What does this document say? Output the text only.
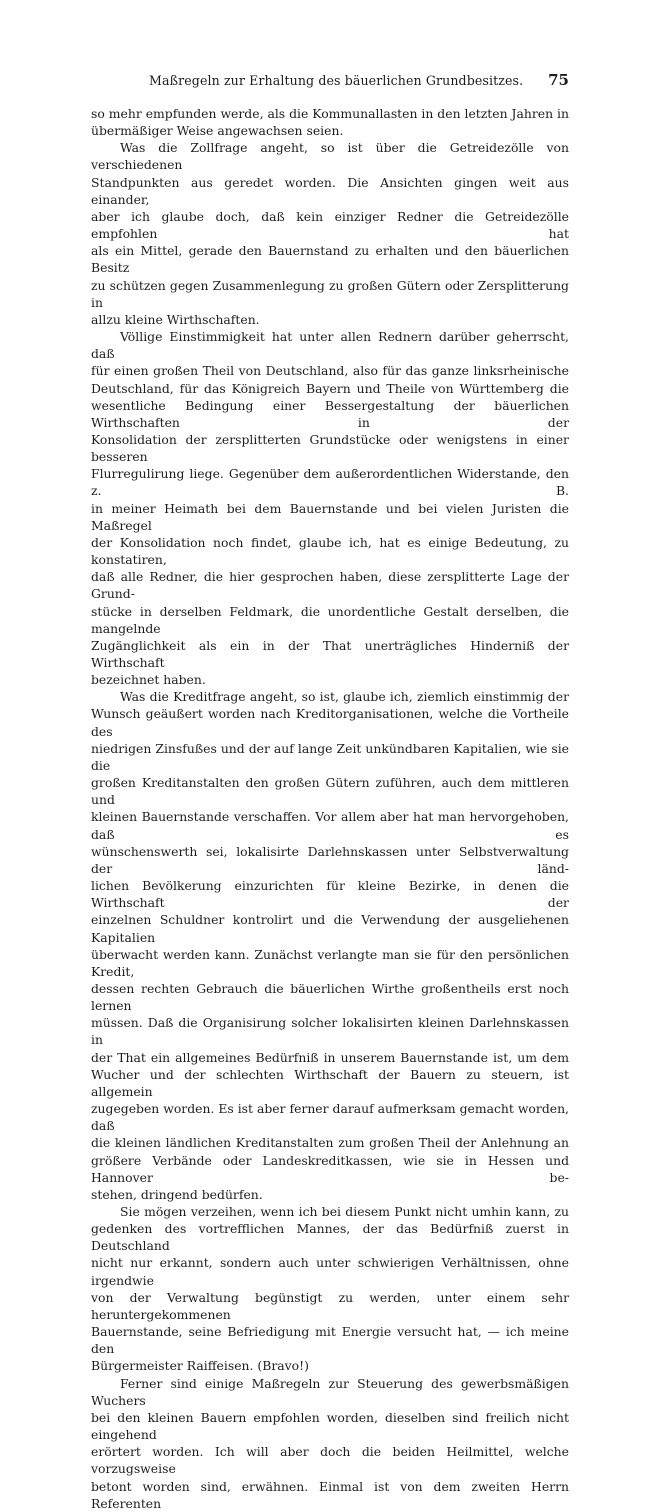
Maßregeln zur Erhaltung des bäuerlichen Grundbesitzes. 75
so mehr empfunden werde, als die Kommunallasten in den letzten Jahren in
übermäßiger Weise angewachsen seien.
Was die Zollfrage angeht, so ist über die Getreidezölle von verschiedenen
Standpunkten aus geredet worden. Die Ansichten gingen weit aus einander,
aber ich glaube doch, daß kein einziger Redner die Getreidezölle empfohlen hat
als ein Mittel, gerade den Bauernstand zu erhalten und den bäuerlichen Besitz
zu schützen gegen Zusammenlegung zu großen Gütern oder Zersplitterung in
allzu kleine Wirthschaften.
Völlige Einstimmigkeit hat unter allen Rednern darüber geherrscht, daß
für einen großen Theil von Deutschland, also für das ganze linksrheinische
Deutschland, für das Königreich Bayern und Theile von Württemberg die
wesentliche Bedingung einer Bessergestaltung der bäuerlichen Wirthschaften in der
Konsolidation der zersplitterten Grundstücke oder wenigstens in einer besseren
Flurregulirung liege. Gegenüber dem außerordentlichen Widerstande, den z. B.
in meiner Heimath bei dem Bauernstande und bei vielen Juristen die Maßregel
der Konsolidation noch findet, glaube ich, hat es einige Bedeutung, zu konstatiren,
daß alle Redner, die hier gesprochen haben, diese zersplitterte Lage der Grund-
stücke in derselben Feldmark, die unordentliche Gestalt derselben, die mangelnde
Zugänglichkeit als ein in der That unerträgliches Hinderniß der Wirthschaft
bezeichnet haben.
Was die Kreditfrage angeht, so ist, glaube ich, ziemlich einstimmig der
Wunsch geäußert worden nach Kreditorganisationen, welche die Vortheile des
niedrigen Zinsfußes und der auf lange Zeit unkündbaren Kapitalien, wie sie die
großen Kreditanstalten den großen Gütern zuführen, auch dem mittleren und
kleinen Bauernstande verschaffen. Vor allem aber hat man hervorgehoben, daß es
wünschenswerth sei, lokalisirte Darlehnskassen unter Selbstverwaltung der länd-
lichen Bevölkerung einzurichten für kleine Bezirke, in denen die Wirthschaft der
einzelnen Schuldner kontrolirt und die Verwendung der ausgeliehenen Kapitalien
überwacht werden kann. Zunächst verlangte man sie für den persönlichen Kredit,
dessen rechten Gebrauch die bäuerlichen Wirthe großentheils erst noch lernen
müssen. Daß die Organisirung solcher lokalisirten kleinen Darlehnskassen in
der That ein allgemeines Bedürfniß in unserem Bauernstande ist, um dem
Wucher und der schlechten Wirthschaft der Bauern zu steuern, ist allgemein
zugegeben worden. Es ist aber ferner darauf aufmerksam gemacht worden, daß
die kleinen ländlichen Kreditanstalten zum großen Theil der Anlehnung an
größere Verbände oder Landeskreditkassen, wie sie in Hessen und Hannover be-
stehen, dringend bedürfen.
Sie mögen verzeihen, wenn ich bei diesem Punkt nicht umhin kann, zu
gedenken des vortrefflichen Mannes, der das Bedürfniß zuerst in Deutschland
nicht nur erkannt, sondern auch unter schwierigen Verhältnissen, ohne irgendwie
von der Verwaltung begünstigt zu werden, unter einem sehr heruntergekommenen
Bauernstande, seine Befriedigung mit Energie versucht hat, — ich meine den
Bürgermeister Raiffeisen. (Bravo!)
Ferner sind einige Maßregeln zur Steuerung des gewerbsmäßigen Wuchers
bei den kleinen Bauern empfohlen worden, dieselben sind freilich nicht eingehend
erörtert worden. Ich will aber doch die beiden Heilmittel, welche vorzugsweise
betont worden sind, erwähnen. Einmal ist von dem zweiten Herrn Referenten
